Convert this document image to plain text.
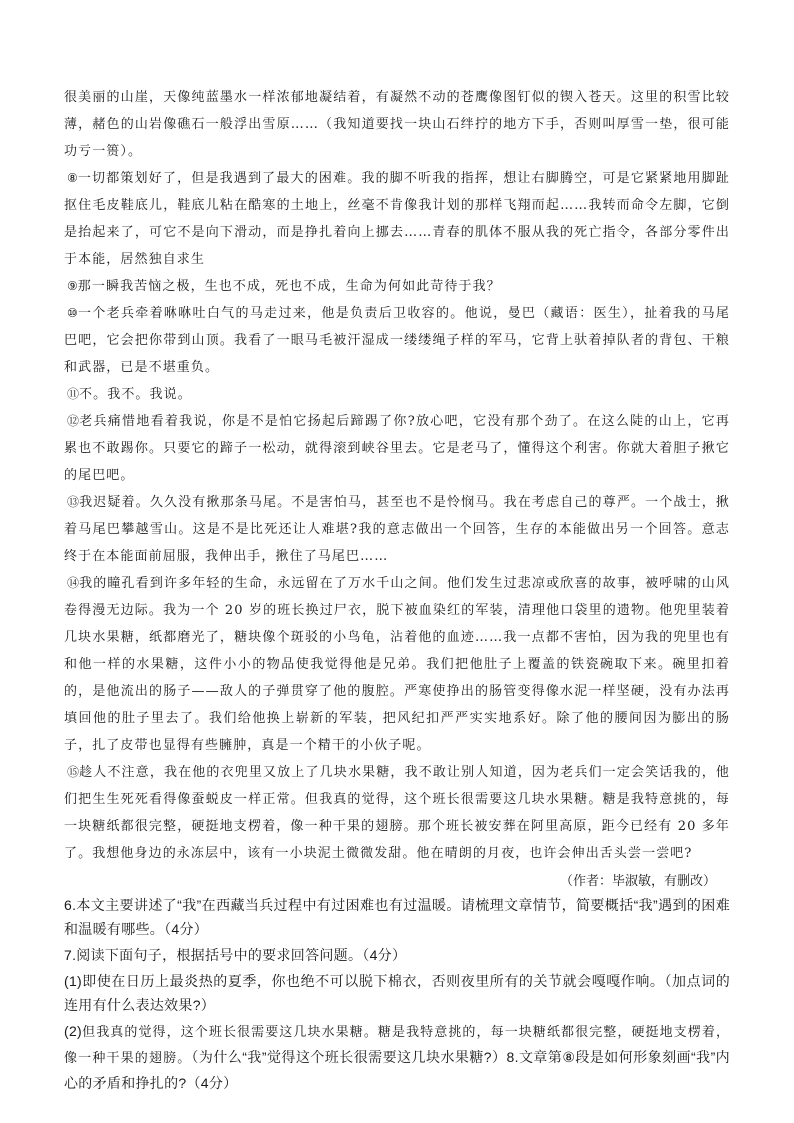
很美丽的山崖，天像纯蓝墨水一样浓郁地凝结着，有凝然不动的苍鹰像图钉似的锲入苍天。这里的积雪比较薄，赭色的山岩像礁石一般浮出雪原……（我知道要找一块山石绊拧的地方下手，否则叫厚雪一垫，很可能功亏一篑）。

⑧一切都策划好了，但是我遇到了最大的困难。我的脚不听我的指挥，想让右脚腾空，可是它紧紧地用脚趾抠住毛皮鞋底儿，鞋底儿粘在酷寒的土地上，丝毫不肯像我计划的那样飞翔而起……我转而命令左脚，它倒是抬起来了，可它不是向下滑动，而是挣扎着向上挪去……青春的肌体不服从我的死亡指令，各部分零件出于本能，居然独自求生

⑨那一瞬我苦恼之极，生也不成，死也不成，生命为何如此苛待于我？

⑩一个老兵牵着咻咻吐白气的马走过来，他是负责后卫收容的。他说，曼巴（藏语：医生），扯着我的马尾巴吧，它会把你带到山顶。我看了一眼马毛被汗湿成一缕缕绳子样的军马，它背上驮着掉队者的背包、干粮和武器，已是不堪重负。

⑪不。我不。我说。

⑫老兵痛惜地看着我说，你是不是怕它扬起后蹄踢了你?放心吧，它没有那个劲了。在这么陡的山上，它再累也不敢踢你。只要它的蹄子一松动，就得滚到峡谷里去。它是老马了，懂得这个利害。你就大着胆子揪它的尾巴吧。

⑬我迟疑着。久久没有揪那条马尾。不是害怕马，甚至也不是怜悯马。我在考虑自己的尊严。一个战士，揪着马尾巴攀越雪山。这是不是比死还让人难堪?我的意志做出一个回答，生存的本能做出另一个回答。意志终于在本能面前屈服，我伸出手，揪住了马尾巴……

⑭我的瞳孔看到许多年轻的生命，永远留在了万水千山之间。他们发生过悲凉或欣喜的故事，被呼啸的山风卷得漫无边际。我为一个 20 岁的班长换过尸衣，脱下被血染红的军装，清理他口袋里的遗物。他兜里装着几块水果糖，纸都磨光了，糖块像个斑驳的小鸟龟，沾着他的血迹……我一点都不害怕，因为我的兜里也有和他一样的水果糖，这件小小的物品使我觉得他是兄弟。我们把他肚子上覆盖的铁瓷碗取下来。碗里扣着的，是他流出的肠子——敌人的子弹贯穿了他的腹腔。严寒使挣出的肠管变得像水泥一样坚硬，没有办法再填回他的肚子里去了。我们给他换上崭新的军装，把风纪扣严严实实地系好。除了他的腰间因为膨出的肠子，扎了皮带也显得有些臃肿，真是一个精干的小伙子呢。

⑮趁人不注意，我在他的衣兜里又放上了几块水果糖，我不敢让别人知道，因为老兵们一定会笑话我的，他们把生生死死看得像蚕蜕皮一样正常。但我真的觉得，这个班长很需要这几块水果糖。糖是我特意挑的，每一块糖纸都很完整，硬挺地支楞着，像一种干果的翅膀。那个班长被安葬在阿里高原，距今已经有 20 多年了。我想他身边的永冻层中，该有一小块泥土微微发甜。他在晴朗的月夜，也许会伸出舌头尝一尝吧?

（作者：毕淑敏，有删改）

6.本文主要讲述了“我”在西藏当兵过程中有过困难也有过温暖。请梳理文章情节，简要概括“我”遇到的困难和温暖有哪些。（4分）

7.阅读下面句子，根据括号中的要求回答问题。（4分）

(1)即使在日历上最炎热的夏季，你也绝不可以脱下棉衣，否则夜里所有的关节就会嘎嘎作响。（加点词的连用有什么表达效果?）

(2)但我真的觉得，这个班长很需要这几块水果糖。糖是我特意挑的，每一块糖纸都很完整，硬挺地支楞着，像一种干果的翅膀。（为什么“我”觉得这个班长很需要这几块水果糖?）8.文章第⑧段是如何形象刻画“我”内心的矛盾和挣扎的?（4分）
